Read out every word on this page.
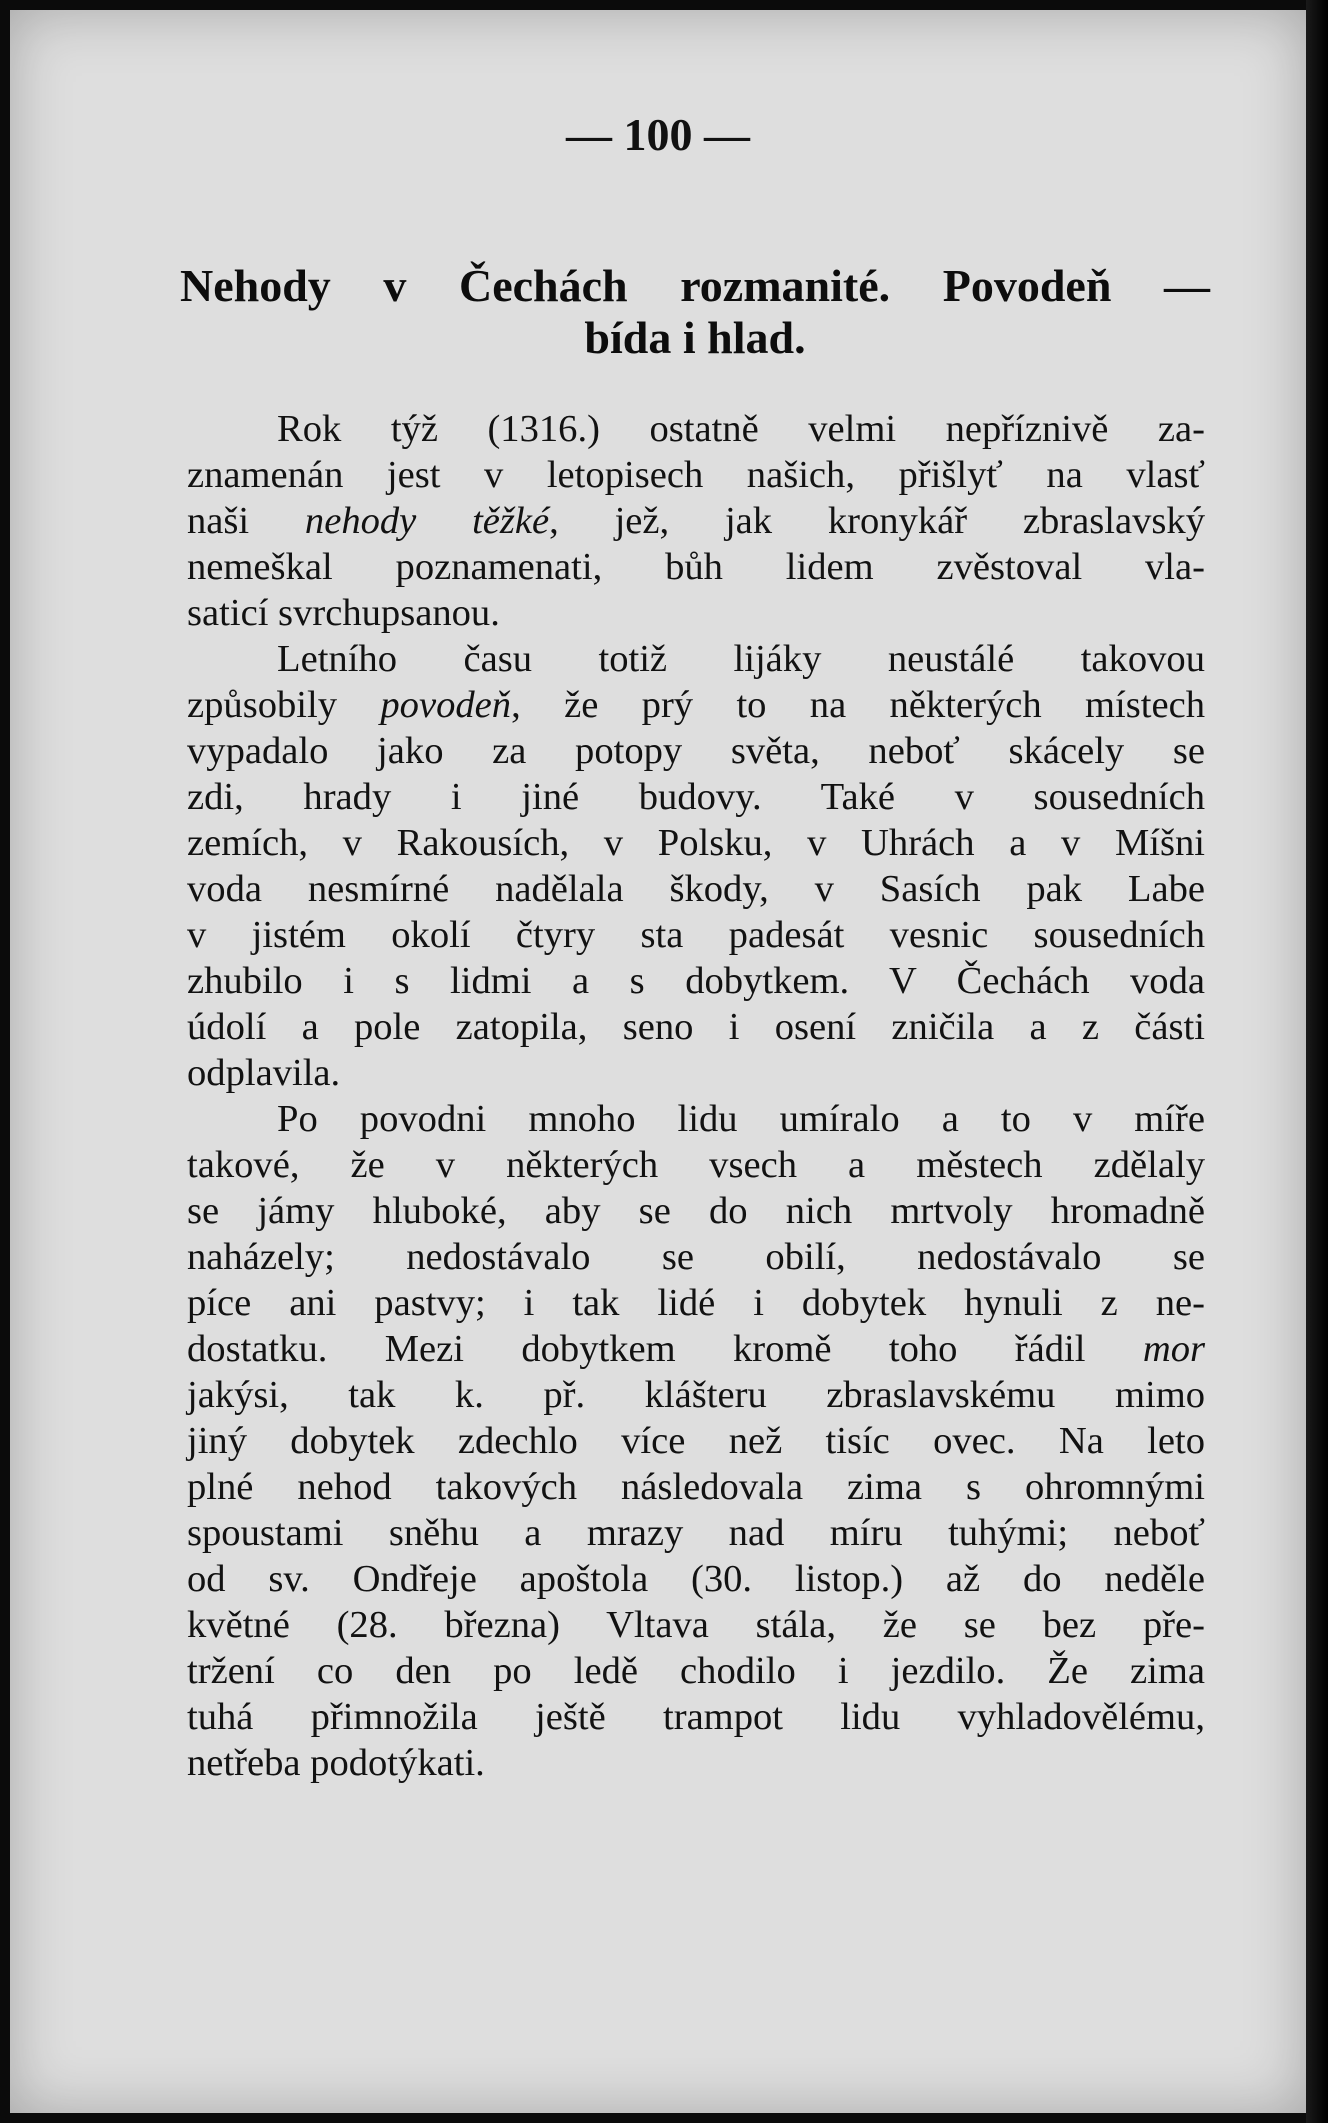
— 100 —
Nehody v Čechách rozmanité. Povodeň —
bída i hlad.
Rok týž (1316.) ostatně velmi nepříznivě za-
znamenán jest v letopisech našich, přišlyť na vlasť
naši nehody těžké, jež, jak kronykář zbraslavský
nemeškal poznamenati, bůh lidem zvěstoval vla-
saticí svrchupsanou.
Letního času totiž lijáky neustálé takovou
způsobily povodeň, že prý to na některých místech
vypadalo jako za potopy světa, neboť skácely se
zdi, hrady i jiné budovy. Také v sousedních
zemích, v Rakousích, v Polsku, v Uhrách a v Míšni
voda nesmírné nadělala škody, v Sasích pak Labe
v jistém okolí čtyry sta padesát vesnic sousedních
zhubilo i s lidmi a s dobytkem. V Čechách voda
údolí a pole zatopila, seno i osení zničila a z části
odplavila.
Po povodni mnoho lidu umíralo a to v míře
takové, že v některých vsech a městech zdělaly
se jámy hluboké, aby se do nich mrtvoly hromadně
naházely; nedostávalo se obilí, nedostávalo se
píce ani pastvy; i tak lidé i dobytek hynuli z ne-
dostatku. Mezi dobytkem kromě toho řádil mor
jakýsi, tak k. př. klášteru zbraslavskému mimo
jiný dobytek zdechlo více než tisíc ovec. Na leto
plné nehod takových následovala zima s ohromnými
spoustami sněhu a mrazy nad míru tuhými; neboť
od sv. Ondřeje apoštola (30. listop.) až do neděle
květné (28. března) Vltava stála, že se bez pře-
tržení co den po ledě chodilo i jezdilo. Že zima
tuhá přimnožila ještě trampot lidu vyhladovělému,
netřeba podotýkati.
